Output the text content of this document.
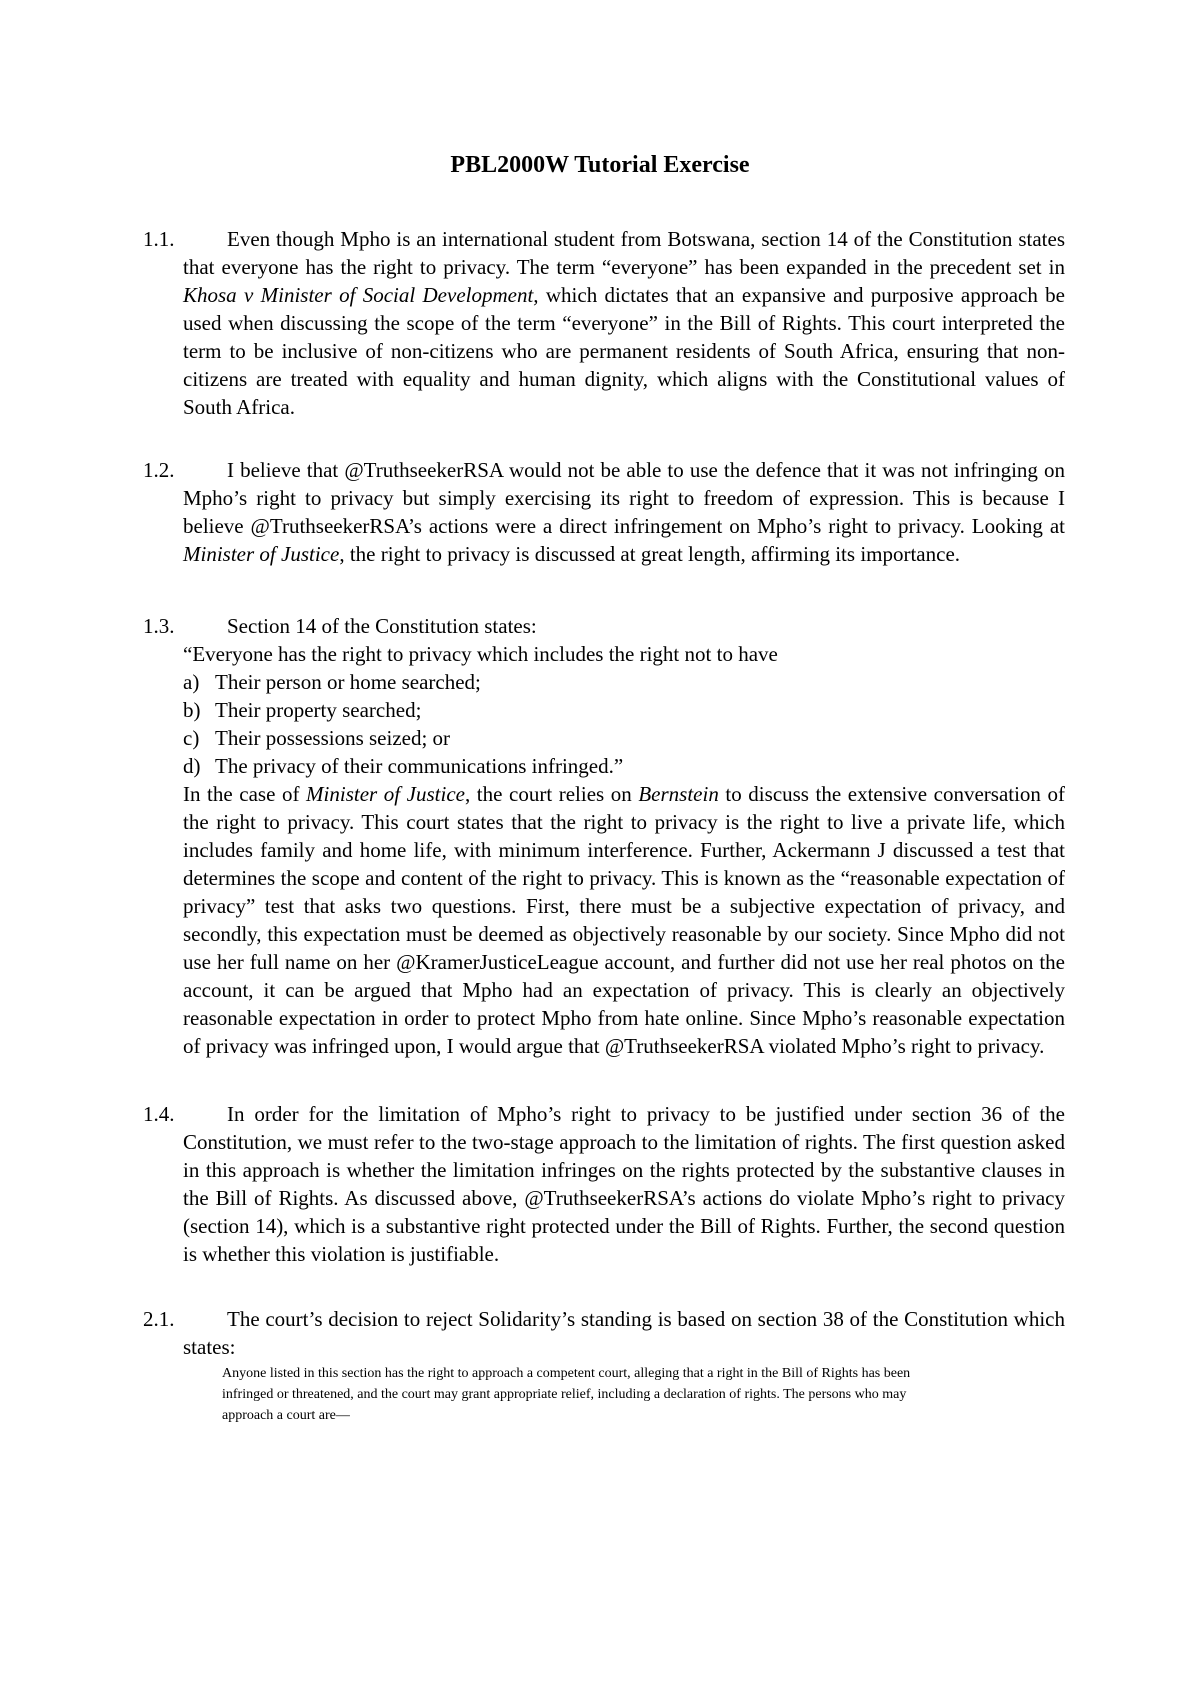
PBL2000W Tutorial Exercise
1.1.	Even though Mpho is an international student from Botswana, section 14 of the Constitution states that everyone has the right to privacy. The term “everyone” has been expanded in the precedent set in Khosa v Minister of Social Development, which dictates that an expansive and purposive approach be used when discussing the scope of the term “everyone” in the Bill of Rights. This court interpreted the term to be inclusive of non-citizens who are permanent residents of South Africa, ensuring that non-citizens are treated with equality and human dignity, which aligns with the Constitutional values of South Africa.

1.2.	I believe that @TruthseekerRSA would not be able to use the defence that it was not infringing on Mpho’s right to privacy but simply exercising its right to freedom of expression. This is because I believe @TruthseekerRSA’s actions were a direct infringement on Mpho’s right to privacy. Looking at Minister of Justice, the right to privacy is discussed at great length, affirming its importance.

1.3.	Section 14 of the Constitution states:

“Everyone has the right to privacy which includes the right not to have

a) Their person or home searched;
b) Their property searched;
c) Their possessions seized; or
d) The privacy of their communications infringed.”

In the case of Minister of Justice, the court relies on Bernstein to discuss the extensive conversation of the right to privacy. This court states that the right to privacy is the right to live a private life, which includes family and home life, with minimum interference. Further, Ackermann J discussed a test that determines the scope and content of the right to privacy. This is known as the “reasonable expectation of privacy” test that asks two questions. First, there must be a subjective expectation of privacy, and secondly, this expectation must be deemed as objectively reasonable by our society. Since Mpho did not use her full name on her @KramerJusticeLeague account, and further did not use her real photos on the account, it can be argued that Mpho had an expectation of privacy. This is clearly an objectively reasonable expectation in order to protect Mpho from hate online. Since Mpho’s reasonable expectation of privacy was infringed upon, I would argue that @TruthseekerRSA violated Mpho’s right to privacy.

1.4.	In order for the limitation of Mpho’s right to privacy to be justified under section 36 of the Constitution, we must refer to the two-stage approach to the limitation of rights. The first question asked in this approach is whether the limitation infringes on the rights protected by the substantive clauses in the Bill of Rights. As discussed above, @TruthseekerRSA’s actions do violate Mpho’s right to privacy (section 14), which is a substantive right protected under the Bill of Rights. Further, the second question is whether this violation is justifiable.

2.1.	The court’s decision to reject Solidarity’s standing is based on section 38 of the Constitution which states:

Anyone listed in this section has the right to approach a competent court, alleging that a right in the Bill of Rights has been infringed or threatened, and the court may grant appropriate relief, including a declaration of rights. The persons who may approach a court are—
